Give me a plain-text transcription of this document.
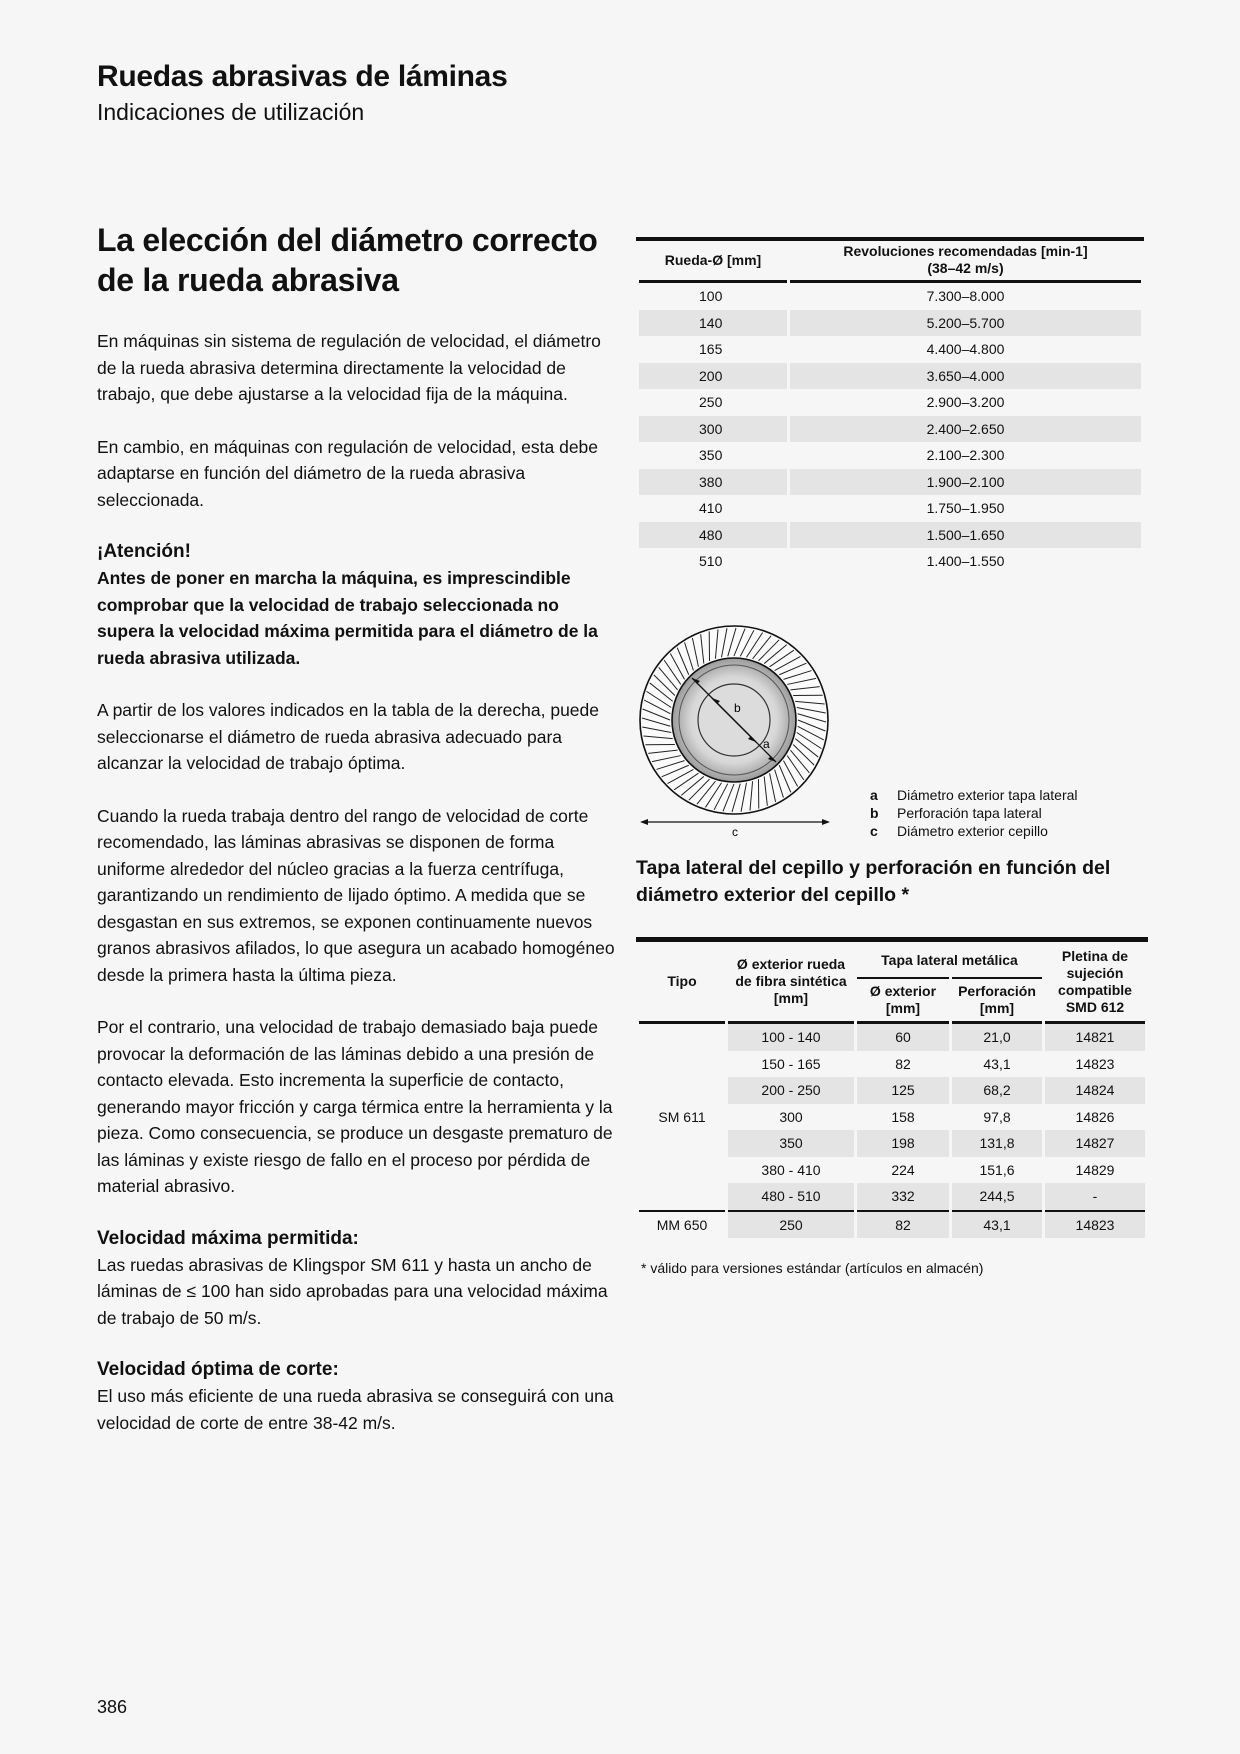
Ruedas abrasivas de láminas
Indicaciones de utilización
La elección del diámetro correcto
de la rueda abrasiva

En máquinas sin sistema de regulación de velocidad, el diámetro de la rueda abrasiva determina directamente la velocidad de trabajo, que debe ajustarse a la velocidad fija de la máquina.

En cambio, en máquinas con regulación de velocidad, esta debe adaptarse en función del diámetro de la rueda abrasiva seleccionada.

¡Atención!

Antes de poner en marcha la máquina, es imprescindible comprobar que la velocidad de trabajo seleccionada no supera la velocidad máxima permitida para el diámetro de la rueda abrasiva utilizada.

A partir de los valores indicados en la tabla de la derecha, puede seleccionarse el diámetro de rueda abrasiva adecuado para alcanzar la velocidad de trabajo óptima.

Cuando la rueda trabaja dentro del rango de velocidad de corte recomendado, las láminas abrasivas se disponen de forma uniforme alrededor del núcleo gracias a la fuerza centrífuga, garantizando un rendimiento de lijado óptimo. A medida que se desgastan en sus extremos, se exponen continuamente nuevos granos abrasivos afilados, lo que asegura un acabado homogéneo desde la primera hasta la última pieza.

Por el contrario, una velocidad de trabajo demasiado baja puede provocar la deformación de las láminas debido a una presión de contacto elevada. Esto incrementa la superficie de contacto, generando mayor fricción y carga térmica entre la herramienta y la pieza. Como consecuencia, se produce un desgaste prematuro de las láminas y existe riesgo de fallo en el proceso por pérdida de material abrasivo.

Velocidad máxima permitida:

Las ruedas abrasivas de Klingspor SM 611 y hasta un ancho de láminas de ≤ 100 han sido aprobadas para una velocidad máxima de trabajo de 50 m/s.

Velocidad óptima de corte:

El uso más eficiente de una rueda abrasiva se conseguirá con una velocidad de corte de entre 38-42 m/s.

Rueda-Ø [mm]	Revoluciones recomendadas [min-1]
(38–42 m/s)
100	7.300–8.000
140	5.200–5.700
165	4.400–4.800
200	3.650–4.000
250	2.900–3.200
300	2.400–2.650
350	2.100–2.300
380	1.900–2.100
410	1.750–1.950
480	1.500–1.650
510	1.400–1.550
b
a
c
a	Diámetro exterior tapa lateral
b	Perforación tapa lateral
c	Diámetro exterior cepillo
Tapa lateral del cepillo y perforación en función del diámetro exterior del cepillo *
Tipo	Ø exterior rueda de fibra sintética [mm]	Tapa lateral metálica		Pletina de sujeción compatible SMD 612
		Ø exterior [mm]	Perforación [mm]	
SM 611	100 - 140	60	21,0	14821
	150 - 165	82	43,1	14823
	200 - 250	125	68,2	14824
	300	158	97,8	14826
	350	198	131,8	14827
	380 - 410	224	151,6	14829
	480 - 510	332	244,5	-
MM 650	250	82	43,1	14823
* válido para versiones estándar (artículos en almacén)
386
